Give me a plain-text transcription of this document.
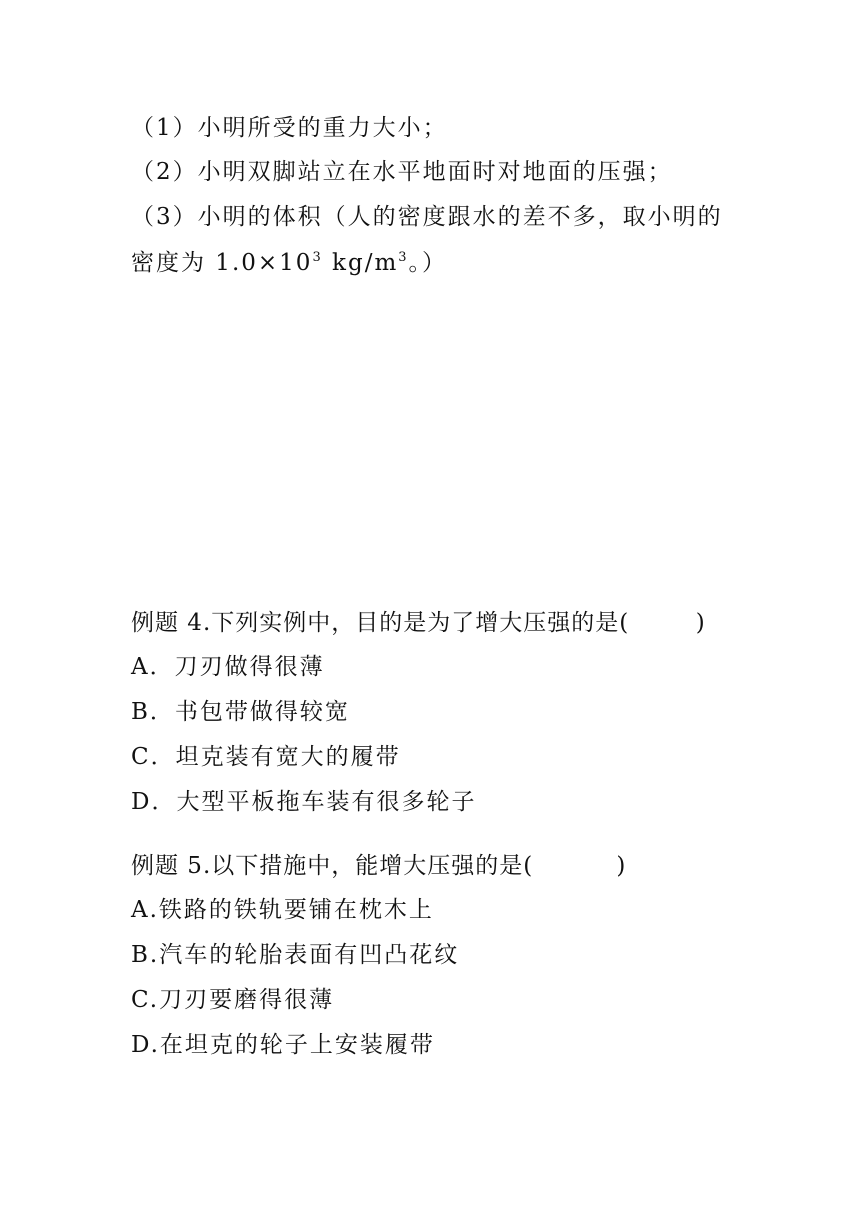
（1）小明所受的重力大小；
（2）小明双脚站立在水平地面时对地面的压强；
（3）小明的体积（人的密度跟水的差不多，取小明的
密度为 $1.0\times 10^3$ $kg/m^3$。）
例题 4.下列实例中，目的是为了增大压强的是(        )
A．刀刃做得很薄
B．书包带做得较宽
C．坦克装有宽大的履带
D．大型平板拖车装有很多轮子
例题 5.以下措施中，能增大压强的是(          )
A.铁路的铁轨要铺在枕木上
B.汽车的轮胎表面有凹凸花纹
C.刀刃要磨得很薄
D.在坦克的轮子上安装履带
